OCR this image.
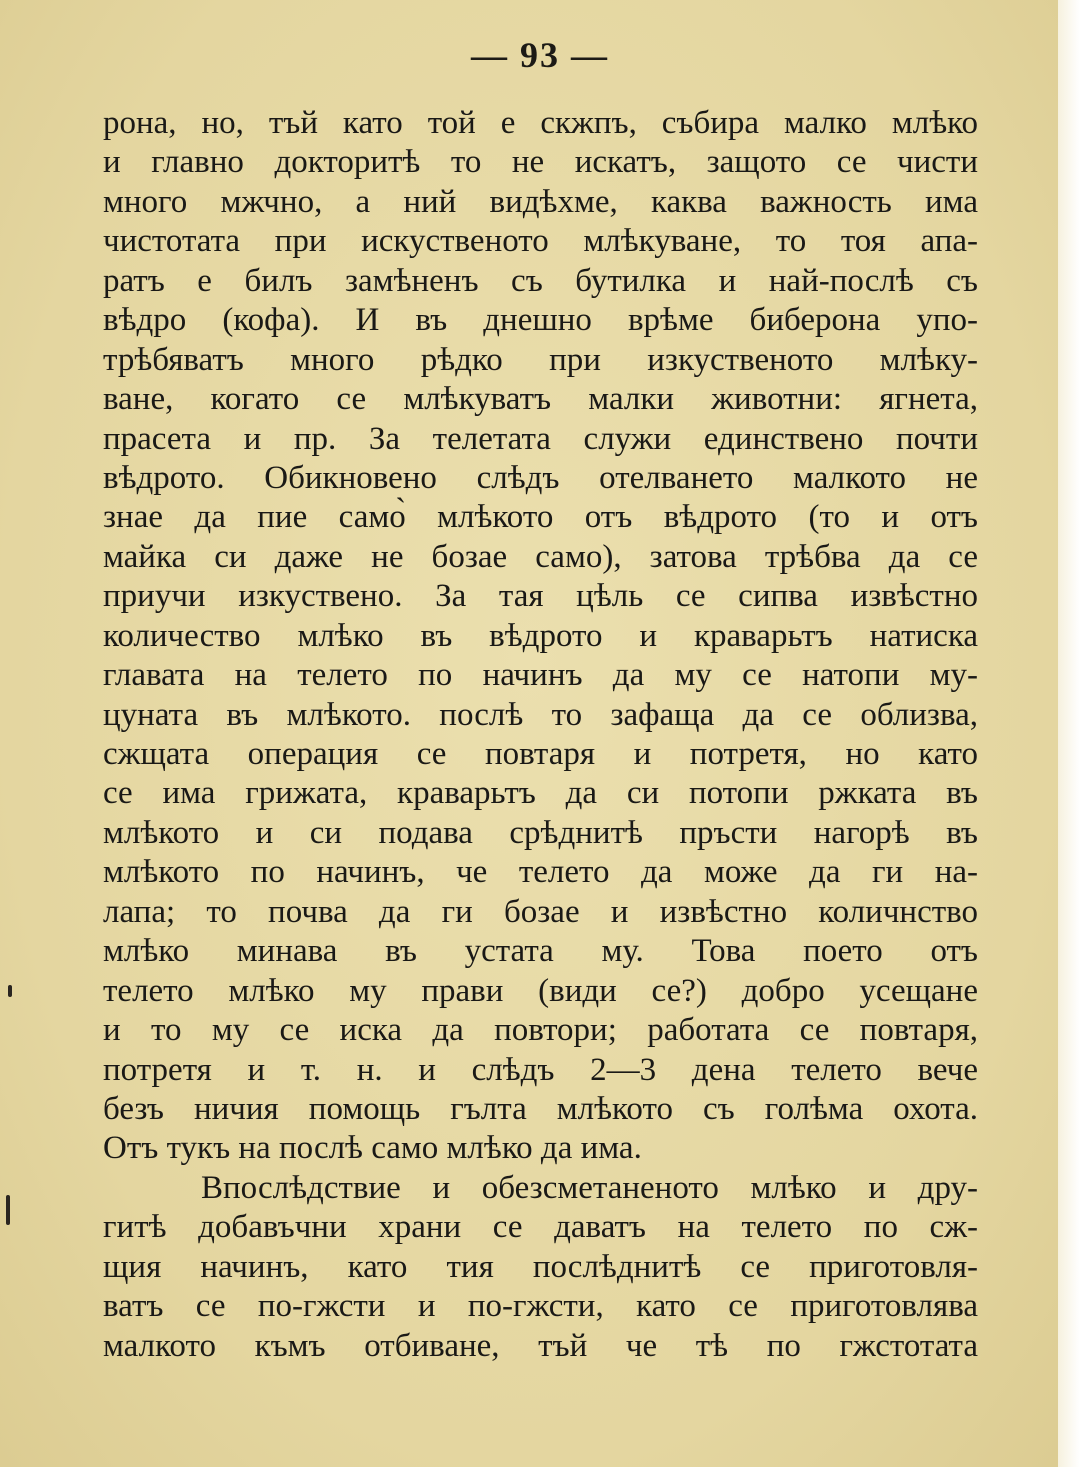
— 93 —
рона, но, тъй като той е скжпъ, събира малко млѣко
и главно докторитѣ то не искатъ, защото се чисти
много мжчно, а ний видѣхме, каква важность има
чистотата при искуственото млѣкуване, то тоя апа-
ратъ е билъ замѣненъ съ бутилка и най-послѣ съ
вѣдро (кофа). И въ днешно врѣме биберона упо-
трѣбяватъ много рѣдко при изкуственото млѣку-
ване, когато се млѣкуватъ малки животни: ягнета,
прасета и пр. За телетата служи единствено почти
вѣдрото. Обикновено слѣдъ отелването малкото не
знае да пие само̀ млѣкото отъ вѣдрото (то и отъ
майка си даже не бозае само), затова трѣбва да се
приучи изкуствено. За тая цѣль се сипва извѣстно
количество млѣко въ вѣдрото и краварьтъ натиска
главата на телето по начинъ да му се натопи му-
цуната въ млѣкото. послѣ то зафаща да се облизва,
сжщата операция се повтаря и потретя, но като
се има грижата, краварьтъ да си потопи ржката въ
млѣкото и си подава срѣднитѣ пръсти нагорѣ въ
млѣкото по начинъ, че телето да може да ги на-
лапа; то почва да ги бозае и извѣстно количнство
млѣко минава въ устата му. Това поето отъ
телето млѣко му прави (види се?) добро усещане
и то му се иска да повтори; работата се повтаря,
потретя и т. н. и слѣдъ 2—3 дена телето вече
безъ ничия помощь гълта млѣкото съ голѣма охота.
Отъ тукъ на послѣ само млѣко да има.
Впослѣдствие и обезсметаненото млѣко и дру-
гитѣ добавъчни храни се даватъ на телето по сж-
щия начинъ, като тия послѣднитѣ се приготовля-
ватъ се по-гжсти и по-гжсти, като се приготовлява
малкото къмъ отбиване, тъй че тѣ по гжстотата
